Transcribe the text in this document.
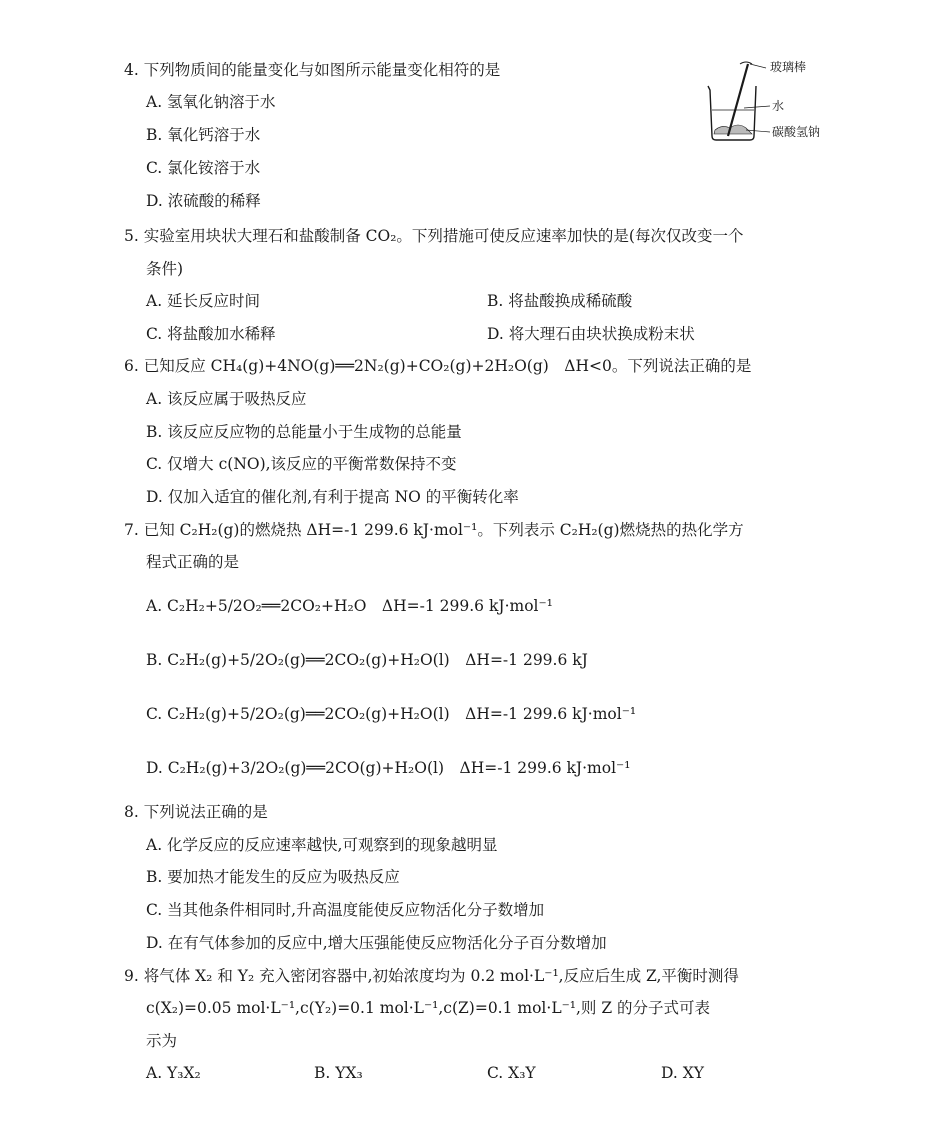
4. 下列物质间的能量变化与如图所示能量变化相符的是
A. 氢氧化钠溶于水
B. 氧化钙溶于水
C. 氯化铵溶于水
D. 浓硫酸的稀释
玻璃棒
水
碳酸氢钠
5. 实验室用块状大理石和盐酸制备 CO₂。下列措施可使反应速率加快的是(每次仅改变一个
条件)
A. 延长反应时间	B. 将盐酸换成稀硫酸
C. 将盐酸加水稀释	D. 将大理石由块状换成粉末状
6. 已知反应 CH₄(g)+4NO(g)══2N₂(g)+CO₂(g)+2H₂O(g)　ΔH<0。下列说法正确的是
A. 该反应属于吸热反应
B. 该反应反应物的总能量小于生成物的总能量
C. 仅增大 c(NO),该反应的平衡常数保持不变
D. 仅加入适宜的催化剂,有利于提高 NO 的平衡转化率
7. 已知 C₂H₂(g)的燃烧热 ΔH=-1 299.6 kJ·mol⁻¹。下列表示 C₂H₂(g)燃烧热的热化学方
程式正确的是
A. C₂H₂+5/2O₂══2CO₂+H₂O　ΔH=-1 299.6 kJ·mol⁻¹
B. C₂H₂(g)+5/2O₂(g)══2CO₂(g)+H₂O(l)　ΔH=-1 299.6 kJ
C. C₂H₂(g)+5/2O₂(g)══2CO₂(g)+H₂O(l)　ΔH=-1 299.6 kJ·mol⁻¹
D. C₂H₂(g)+3/2O₂(g)══2CO(g)+H₂O(l)　ΔH=-1 299.6 kJ·mol⁻¹
8. 下列说法正确的是
A. 化学反应的反应速率越快,可观察到的现象越明显
B. 要加热才能发生的反应为吸热反应
C. 当其他条件相同时,升高温度能使反应物活化分子数增加
D. 在有气体参加的反应中,增大压强能使反应物活化分子百分数增加
9. 将气体 X₂ 和 Y₂ 充入密闭容器中,初始浓度均为 0.2 mol·L⁻¹,反应后生成 Z,平衡时测得
c(X₂)=0.05 mol·L⁻¹,c(Y₂)=0.1 mol·L⁻¹,c(Z)=0.1 mol·L⁻¹,则 Z 的分子式可表
示为
A. Y₃X₂	B. YX₃	C. X₃Y	D. XY
